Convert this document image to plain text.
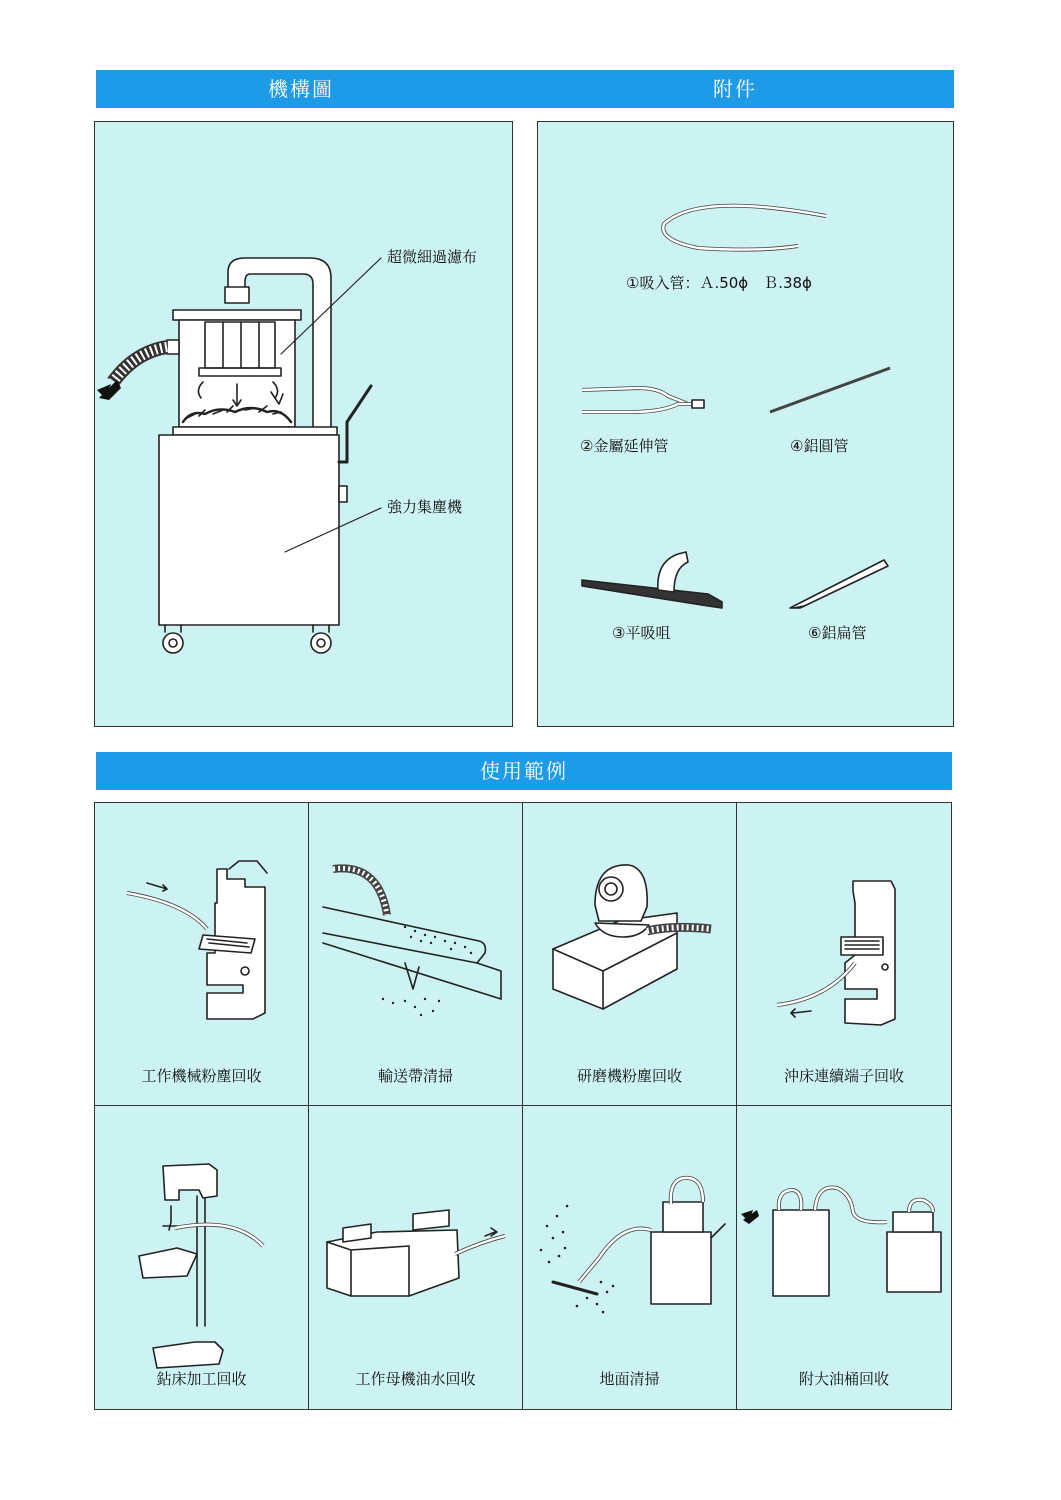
機構圖	附件
超微細過濾布
強力集塵機
①吸入管：Ａ.50ϕ　Ｂ.38ϕ
②金屬延伸管	④鋁圓管
③平吸咀	⑥鋁扁管
使用範例
工作機械粉塵回收	輸送帶清掃	研磨機粉塵回收	沖床連續端子回收
鉆床加工回收	工作母機油水回收	地面清掃	附大油桶回收
